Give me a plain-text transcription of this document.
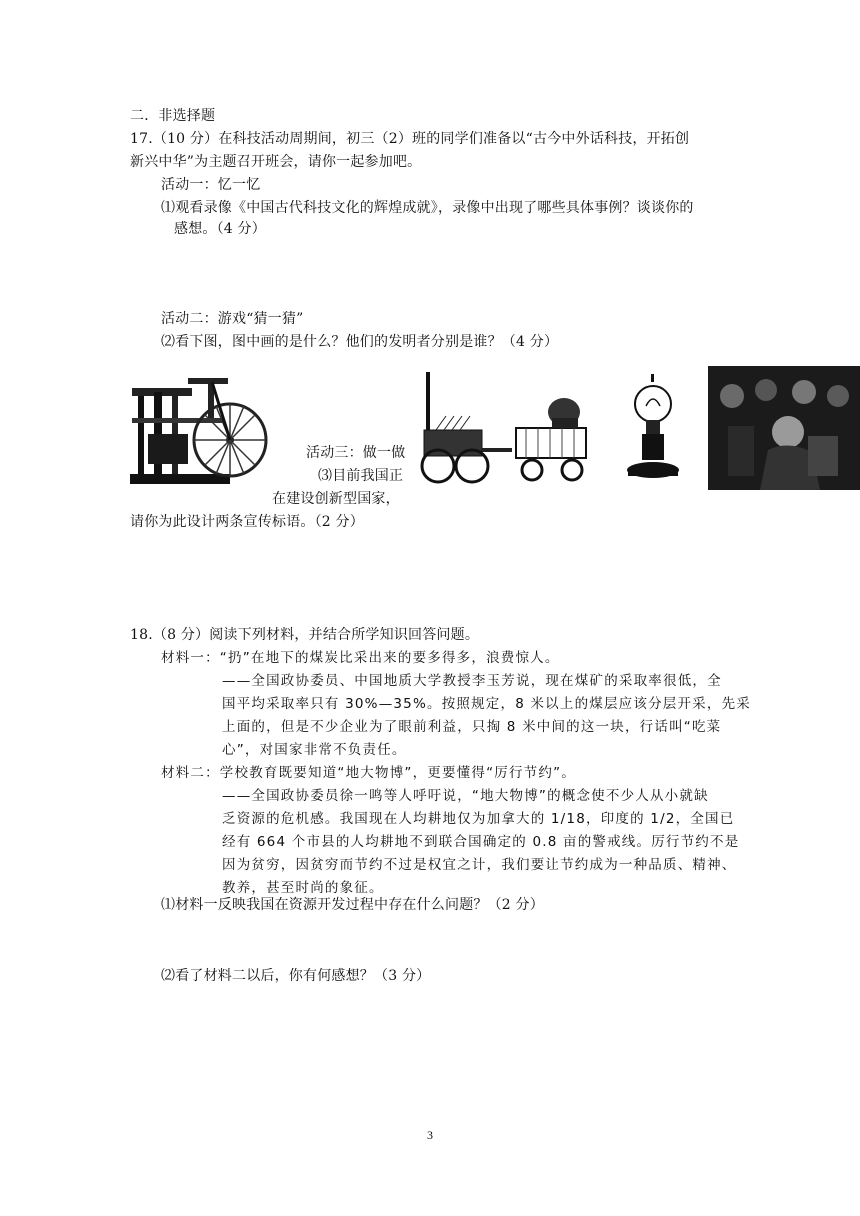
二．非选择题
17.（10 分）在科技活动周期间，初三（2）班的同学们准备以“古今中外话科技，开拓创
新兴中华”为主题召开班会，请你一起参加吧。
活动一：忆一忆
⑴观看录像《中国古代科技文化的辉煌成就》，录像中出现了哪些具体事例？谈谈你的
感想。（4 分）
活动二：游戏“猜一猜”
⑵看下图，图中画的是什么？他们的发明者分别是谁？（4 分）
活动三：做一做
⑶目前我国正
在建设创新型国家，
请你为此设计两条宣传标语。（2 分）
18.（8 分）阅读下列材料，并结合所学知识回答问题。
材料一：“扔”在地下的煤炭比采出来的要多得多，浪费惊人。
——全国政协委员、中国地质大学教授李玉芳说，现在煤矿的采取率很低，全
国平均采取率只有 30%—35%。按照规定，8 米以上的煤层应该分层开采，先采
上面的，但是不少企业为了眼前利益，只掏 8 米中间的这一块，行话叫“吃菜
心”，对国家非常不负责任。
材料二：学校教育既要知道“地大物博”，更要懂得“厉行节约”。
——全国政协委员徐一鸣等人呼吁说，“地大物博”的概念使不少人从小就缺
乏资源的危机感。我国现在人均耕地仅为加拿大的 1/18，印度的 1/2，全国已
经有 664 个市县的人均耕地不到联合国确定的 0.8 亩的警戒线。厉行节约不是
因为贫穷，因贫穷而节约不过是权宜之计，我们要让节约成为一种品质、精神、
教养，甚至时尚的象征。
⑴材料一反映我国在资源开发过程中存在什么问题？（2 分）
⑵看了材料二以后，你有何感想？（3 分）
3
